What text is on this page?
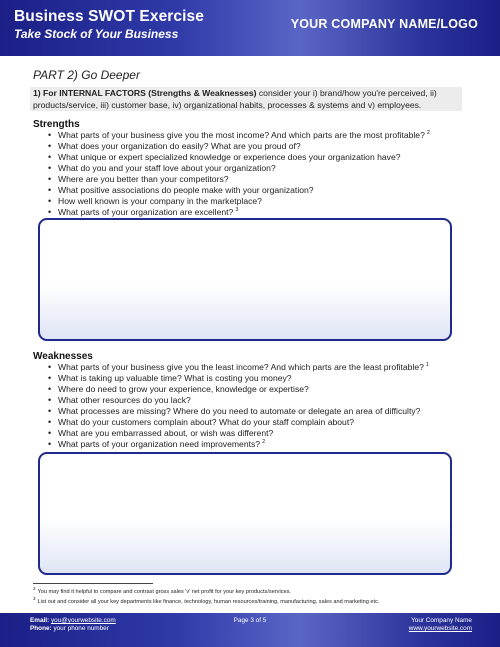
Business SWOT Exercise
Take Stock of Your Business
YOUR COMPANY NAME/LOGO
PART 2) Go Deeper
1) For INTERNAL FACTORS (Strengths & Weaknesses) consider your i) brand/how you're perceived, ii) products/service, iii) customer base, iv) organizational habits, processes & systems and v) employees.
Strengths
• What parts of your business give you the most income? And which parts are the most profitable? $^2$
• What does your organization do easily? What are you proud of?
• What unique or expert specialized knowledge or experience does your organization have?
• What do you and your staff love about your organization?
• Where are you better than your competitors?
• What positive associations do people make with your organization?
• How well known is your company in the marketplace?
• What parts of your organization are excellent? $^3$
Weaknesses
• What parts of your business give you the least income? And which parts are the least profitable? $^1$
• What is taking up valuable time? What is costing you money?
• Where do need to grow your experience, knowledge or expertise?
• What other resources do you lack?
• What processes are missing? Where do you need to automate or delegate an area of difficulty?
• What do your customers complain about? What do your staff complain about?
• What are you embarrassed about, or wish was different?
• What parts of your organization need improvements? $^2$
$^2$You may find it helpful to compare and contrast gross sales 'v' net profit for your key products/services.
$^3$List out and consider all your key departments like finance, technology, human resources/training, manufacturing, sales and marketing etc.
Email: you@yourwebsite.com
Phone: your phone number
Page 3 of 5	Your Company Name
www.yourwebsite.com
